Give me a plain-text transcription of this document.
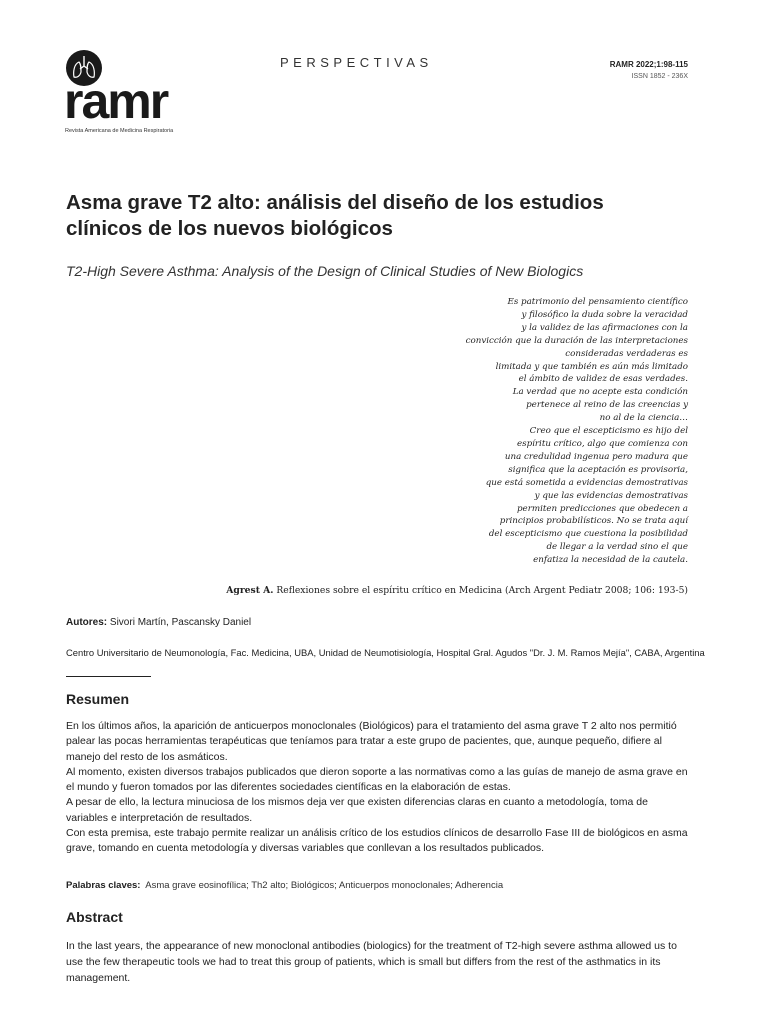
ramr
Revista Americana de Medicina Respiratoria
PERSPECTIVAS	RAMR 2022;1:98-115
ISSN 1852 - 236X
Asma grave T2 alto: análisis del diseño de los estudios
clínicos de los nuevos biológicos

T2-High Severe Asthma: Analysis of the Design of Clinical Studies of New Biologics

Es patrimonio del pensamiento científico
y filosófico la duda sobre la veracidad
y la validez de las afirmaciones con la
convicción que la duración de las interpretaciones
consideradas verdaderas es
limitada y que también es aún más limitado
el ámbito de validez de esas verdades.
La verdad que no acepte esta condición
pertenece al reino de las creencias y
no al de la ciencia…
Creo que el escepticismo es hijo del
espíritu crítico, algo que comienza con
una credulidad ingenua pero madura que
significa que la aceptación es provisoria,
que está sometida a evidencias demostrativas
y que las evidencias demostrativas
permiten predicciones que obedecen a
principios probabilísticos. No se trata aquí
del escepticismo que cuestiona la posibilidad
de llegar a la verdad sino el que
enfatiza la necesidad de la cautela.
Agrest A. Reflexiones sobre el espíritu crítico en Medicina (Arch Argent Pediatr 2008; 106: 193-5)
Autores: Sivori Martín, Pascansky Daniel
Centro Universitario de Neumonología, Fac. Medicina, UBA, Unidad de Neumotisiología, Hospital Gral. Agudos "Dr. J. M. Ramos Mejía", CABA, Argentina
Resumen

En los últimos años, la aparición de anticuerpos monoclonales (Biológicos) para el tratamiento del asma grave T 2 alto nos permitió palear las pocas herramientas terapéuticas que teníamos para tratar a este grupo de pacientes, que, aunque pequeño, difiere al manejo del resto de los asmáticos.

Al momento, existen diversos trabajos publicados que dieron soporte a las normativas como a las guías de manejo de asma grave en el mundo y fueron tomados por las diferentes sociedades científicas en la elaboración de estas.

A pesar de ello, la lectura minuciosa de los mismos deja ver que existen diferencias claras en cuanto a metodología, toma de variables e interpretación de resultados.

Con esta premisa, este trabajo permite realizar un análisis crítico de los estudios clínicos de desarrollo Fase III de biológicos en asma grave, tomando en cuenta metodología y diversas variables que conllevan a los resultados publicados.

Palabras claves: Asma grave eosinofílica; Th2 alto; Biológicos; Anticuerpos monoclonales; Adherencia
Abstract

In the last years, the appearance of new monoclonal antibodies (biologics) for the treatment of T2-high severe asthma allowed us to use the few therapeutic tools we had to treat this group of patients, which is small but differs from the rest of the asthmatics in its management.
